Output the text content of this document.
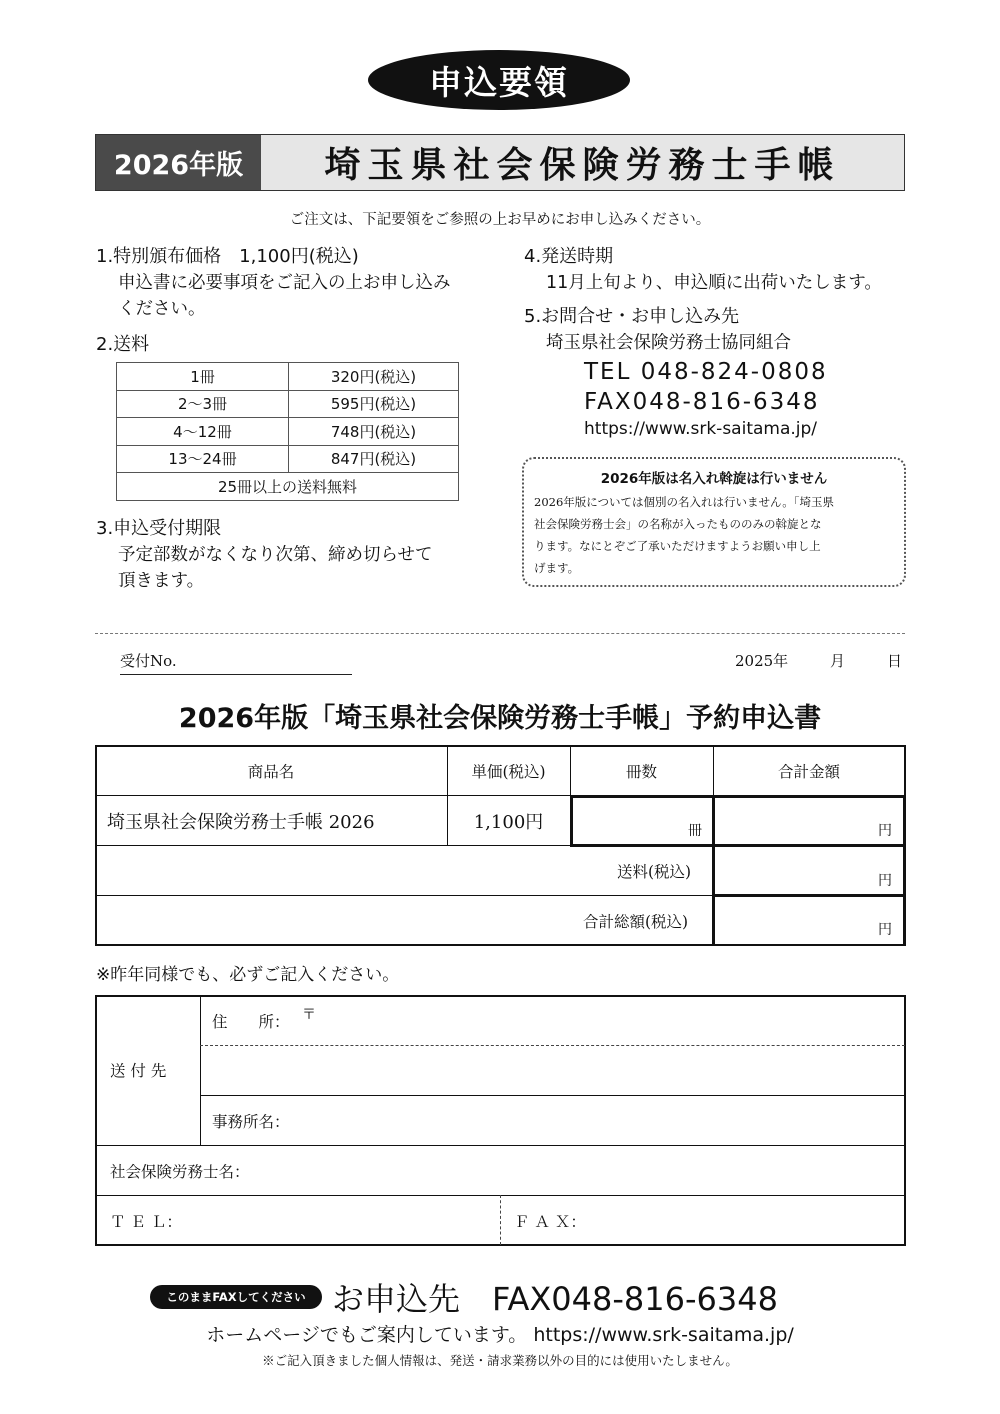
申込要領
2026年版	埼玉県社会保険労務士手帳
ご注文は、下記要領をご参照の上お早めにお申し込みください。
1.特別頒布価格　1,100円(税込)
申込書に必要事項をご記入の上お申し込み
ください。
2.送料
1冊	320円(税込)
2〜3冊	595円(税込)
4〜12冊	748円(税込)
13〜24冊	847円(税込)
25冊以上の送料無料	
3.申込受付期限
予定部数がなくなり次第、締め切らせて
頂きます。
4.発送時期
11月上旬より、申込順に出荷いたします。
5.お問合せ・お申し込み先
埼玉県社会保険労務士協同組合
TEL 048-824-0808
FAX048-816-6348
https://www.srk-saitama.jp/
2026年版は名入れ斡旋は行いません
2026年版については個別の名入れは行いません。「埼玉県
社会保険労務士会」の名称が入ったもののみの斡旋とな
ります。なにとぞご了承いただけますようお願い申し上
げます。
受付No.	2025年	月	日
2026年版「埼玉県社会保険労務士手帳」予約申込書
商品名	単価(税込)	冊数	合計金額
埼玉県社会保険労務士手帳 2026	1,100円	冊	円
送料(税込)	円
合計総額(税込)	円
※昨年同様でも、必ずご記入ください。
送 付 先
住　　所： 〒
事務所名：
社会保険労務士名：
Ｔ Ｅ Ｌ：	Ｆ Ａ Ｘ：
このままFAXしてください お申込先　FAX048-816-6348
ホームページでもご案内しています。 https://www.srk-saitama.jp/
※ご記入頂きました個人情報は、発送・請求業務以外の目的には使用いたしません。
